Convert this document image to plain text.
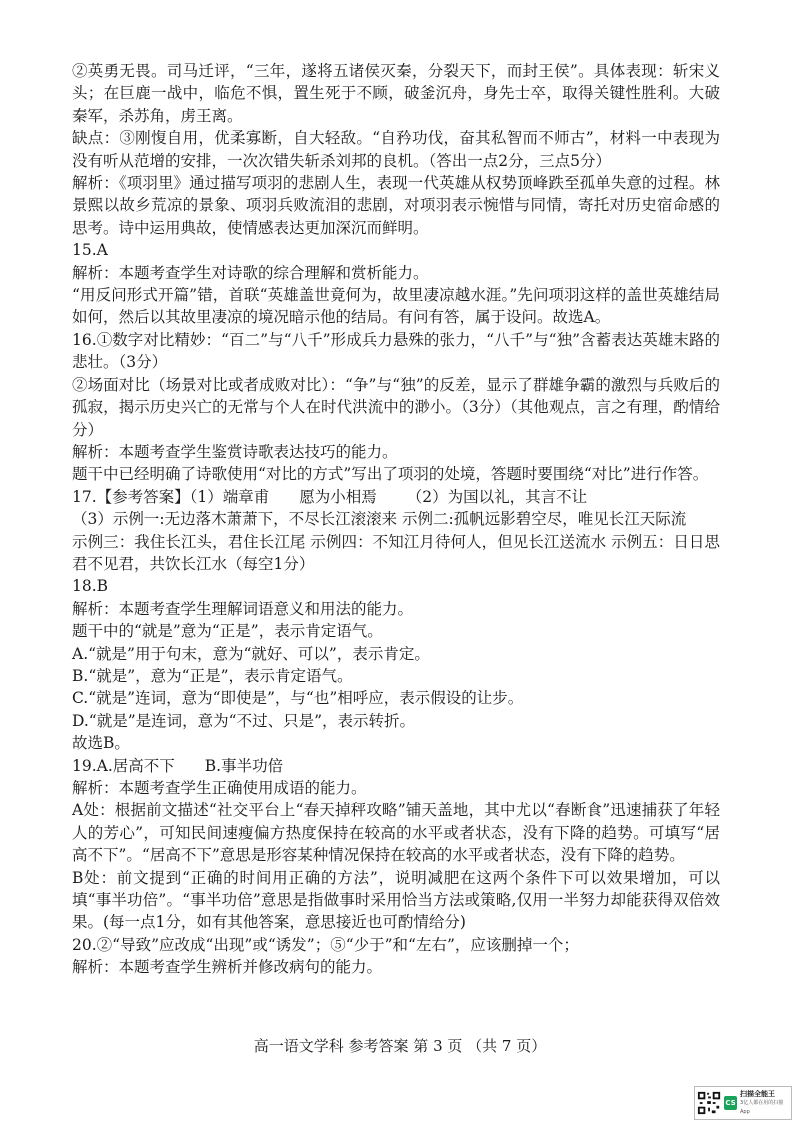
②英勇无畏。司马迁评，“三年，遂将五诸侯灭秦，分裂天下，而封王侯”。具体表现：斩宋义头；在巨鹿一战中，临危不惧，置生死于不顾，破釜沉舟，身先士卒，取得关键性胜利。大破秦军，杀苏角，虏王离。

缺点：③刚愎自用，优柔寡断，自大轻敌。“自矜功伐，奋其私智而不师古”，材料一中表现为没有听从范增的安排，一次次错失斩杀刘邦的良机。（答出一点2分，三点5分）

解析：《项羽里》通过描写项羽的悲剧人生，表现一代英雄从权势顶峰跌至孤单失意的过程。林景熙以故乡荒凉的景象、项羽兵败流泪的悲剧，对项羽表示惋惜与同情，寄托对历史宿命感的思考。诗中运用典故，使情感表达更加深沉而鲜明。

15.A

解析：本题考查学生对诗歌的综合理解和赏析能力。

“用反问形式开篇”错，首联“英雄盖世竟何为，故里凄凉越水涯。”先问项羽这样的盖世英雄结局如何，然后以其故里凄凉的境况暗示他的结局。有问有答，属于设问。故选A。

16.①数字对比精妙：“百二”与“八千”形成兵力悬殊的张力，“八千”与“独”含蓄表达英雄末路的悲壮。（3分）

②场面对比（场景对比或者成败对比）：“争”与“独”的反差，显示了群雄争霸的激烈与兵败后的孤寂，揭示历史兴亡的无常与个人在时代洪流中的渺小。（3分）（其他观点，言之有理，酌情给分）

解析：本题考查学生鉴赏诗歌表达技巧的能力。

题干中已经明确了诗歌使用“对比的方式”写出了项羽的处境，答题时要围绕“对比”进行作答。

17.【参考答案】（1）端章甫 愿为小相焉 （2）为国以礼，其言不让

（3）示例一:无边落木萧萧下，不尽长江滚滚来 示例二:孤帆远影碧空尽，唯见长江天际流

示例三：我住长江头，君住长江尾 示例四：不知江月待何人，但见长江送流水 示例五：日日思君不见君，共饮长江水（每空1分）

18.B

解析：本题考查学生理解词语意义和用法的能力。

题干中的“就是”意为“正是”，表示肯定语气。

A.“就是”用于句末，意为“就好、可以”，表示肯定。

B.“就是”，意为“正是”，表示肯定语气。

C.“就是”连词，意为“即使是”，与“也”相呼应，表示假设的让步。

D.“就是”是连词，意为“不过、只是”，表示转折。

故选B。

19.A.居高不下 B.事半功倍

解析：本题考查学生正确使用成语的能力。

A处：根据前文描述“社交平台上“春天掉秤攻略”铺天盖地，其中尤以“春断食”迅速捕获了年轻人的芳心”，可知民间速瘦偏方热度保持在较高的水平或者状态，没有下降的趋势。可填写“居高不下”。“居高不下”意思是形容某种情况保持在较高的水平或者状态，没有下降的趋势。

B处：前文提到“正确的时间用正确的方法”，说明减肥在这两个条件下可以效果增加，可以填“事半功倍”。“事半功倍”意思是指做事时采用恰当方法或策略,仅用一半努力却能获得双倍效果。(每一点1分，如有其他答案，意思接近也可酌情给分)

20.②“导致”应改成“出现”或“诱发”；⑤“少于”和“左右”，应该删掉一个；

解析：本题考查学生辨析并修改病句的能力。

高一语文学科 参考答案 第 3 页 （共 7 页）
CS
扫描全能王
3亿人都在用的扫描App
